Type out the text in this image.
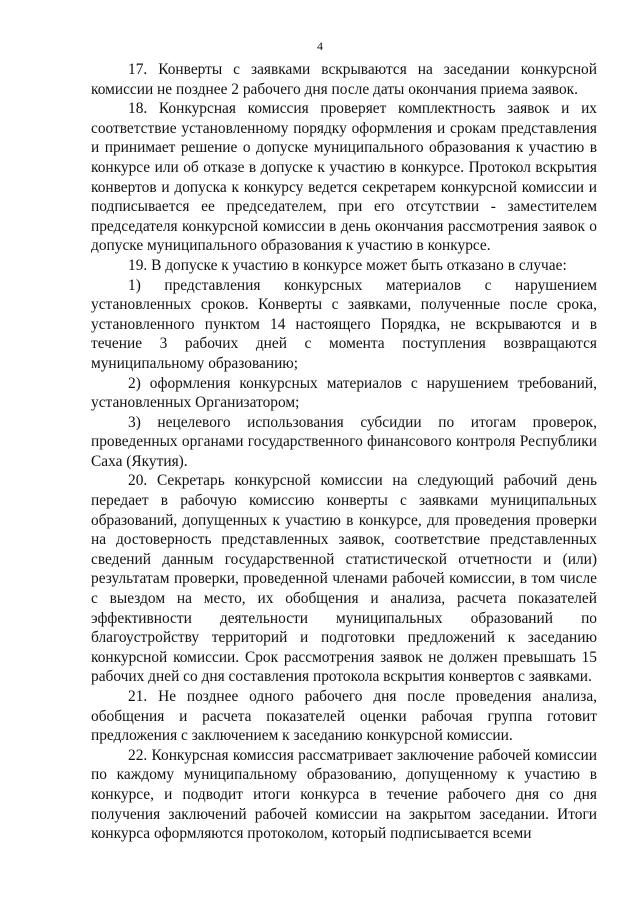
4

17. Конверты с заявками вскрываются на заседании конкурсной комиссии не позднее 2 рабочего дня после даты окончания приема заявок.

18. Конкурсная комиссия проверяет комплектность заявок и их соответствие установленному порядку оформления и срокам представления и принимает решение о допуске муниципального образования к участию в конкурсе или об отказе в допуске к участию в конкурсе. Протокол вскрытия конвертов и допуска к конкурсу ведется секретарем конкурсной комиссии и подписывается ее председателем, при его отсутствии - заместителем председателя конкурсной комиссии в день окончания рассмотрения заявок о допуске муниципального образования к участию в конкурсе.

19. В допуске к участию в конкурсе может быть отказано в случае:

1) представления конкурсных материалов с нарушением установленных сроков. Конверты с заявками, полученные после срока, установленного пунктом 14 настоящего Порядка, не вскрываются и в течение 3 рабочих дней с момента поступления возвращаются муниципальному образованию;

2) оформления конкурсных материалов с нарушением требований, установленных Организатором;

3) нецелевого использования субсидии по итогам проверок, проведенных органами государственного финансового контроля Республики Саха (Якутия).

20. Секретарь конкурсной комиссии на следующий рабочий день передает в рабочую комиссию конверты с заявками муниципальных образований, допущенных к участию в конкурсе, для проведения проверки на достоверность представленных заявок, соответствие представленных сведений данным государственной статистической отчетности и (или) результатам проверки, проведенной членами рабочей комиссии, в том числе с выездом на место, их обобщения и анализа, расчета показателей эффективности деятельности муниципальных образований по благоустройству территорий и подготовки предложений к заседанию конкурсной комиссии. Срок рассмотрения заявок не должен превышать 15 рабочих дней со дня составления протокола вскрытия конвертов с заявками.

21. Не позднее одного рабочего дня после проведения анализа, обобщения и расчета показателей оценки рабочая группа готовит предложения с заключением к заседанию конкурсной комиссии.

22. Конкурсная комиссия рассматривает заключение рабочей комиссии по каждому муниципальному образованию, допущенному к участию в конкурсе, и подводит итоги конкурса в течение рабочего дня со дня получения заключений рабочей комиссии на закрытом заседании. Итоги конкурса оформляются протоколом, который подписывается всеми
